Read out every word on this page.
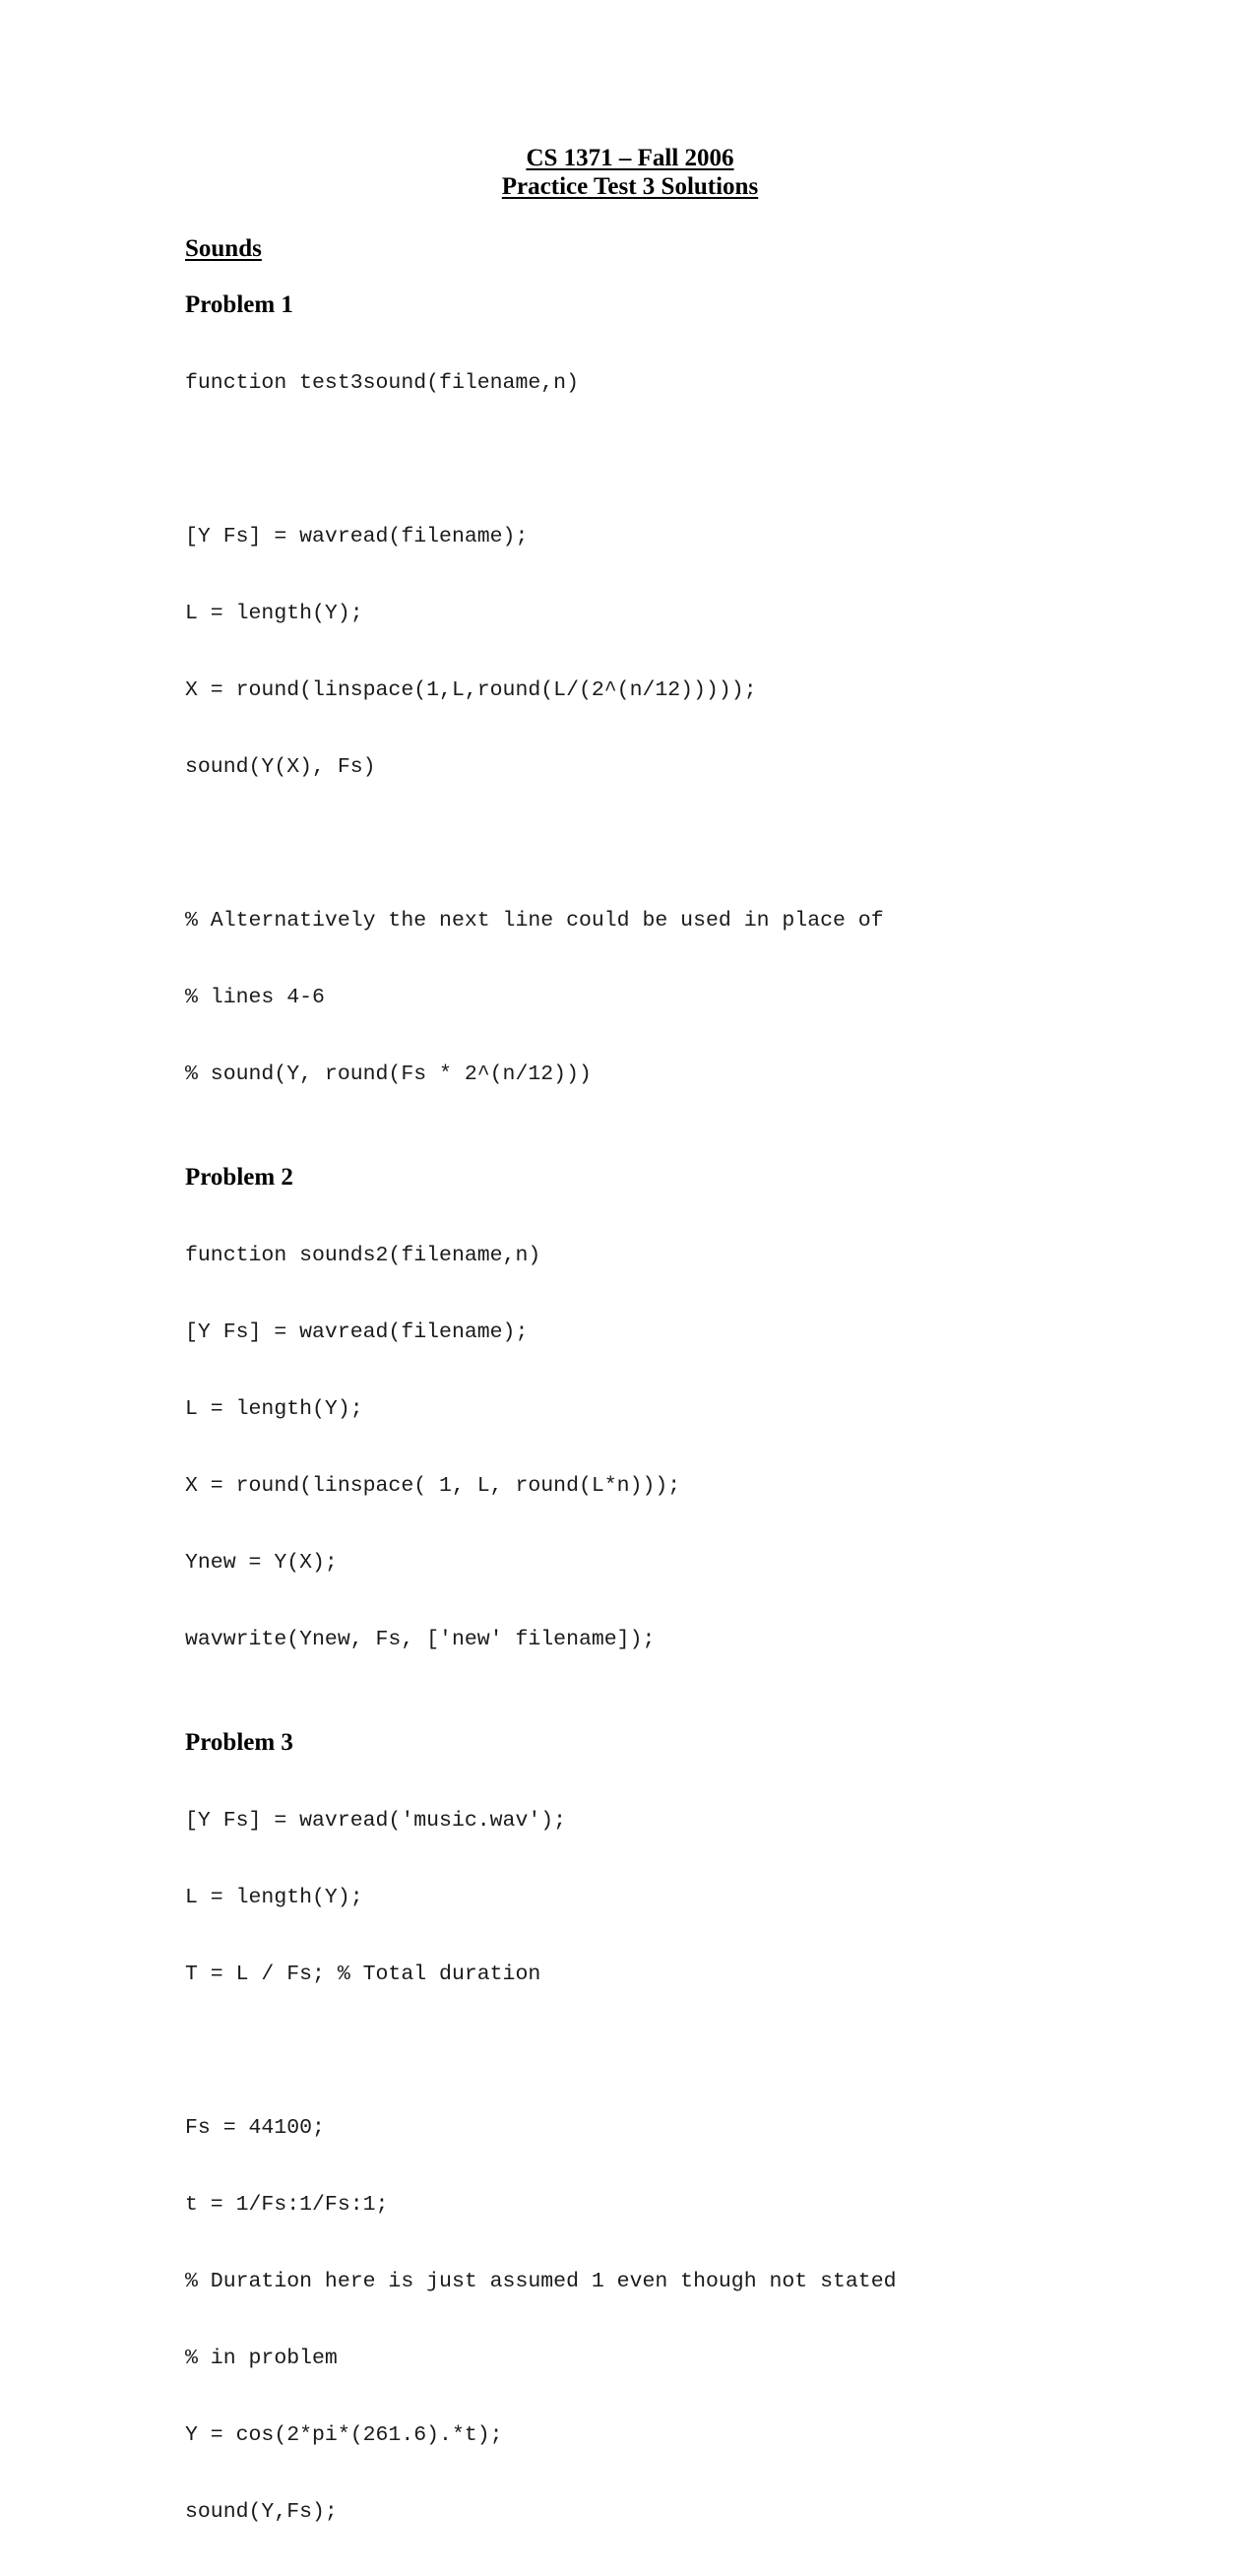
CS 1371 – Fall 2006
Practice Test 3 Solutions
Sounds
Problem 1

function test3sound(filename,n)

[Y Fs] = wavread(filename);

L = length(Y);

X = round(linspace(1,L,round(L/(2^(n/12)))));

sound(Y(X), Fs)

% Alternatively the next line could be used in place of

% lines 4-6

% sound(Y, round(Fs * 2^(n/12)))

Problem 2

function sounds2(filename,n)

[Y Fs] = wavread(filename);

L = length(Y);

X = round(linspace( 1, L, round(L*n)));

Ynew = Y(X);

wavwrite(Ynew, Fs, ['new' filename]);

Problem 3

[Y Fs] = wavread('music.wav');

L = length(Y);

T = L / Fs; % Total duration

Fs = 44100;

t = 1/Fs:1/Fs:1;

% Duration here is just assumed 1 even though not stated

% in problem

Y = cos(2*pi*(261.6).*t);

sound(Y,Fs);
